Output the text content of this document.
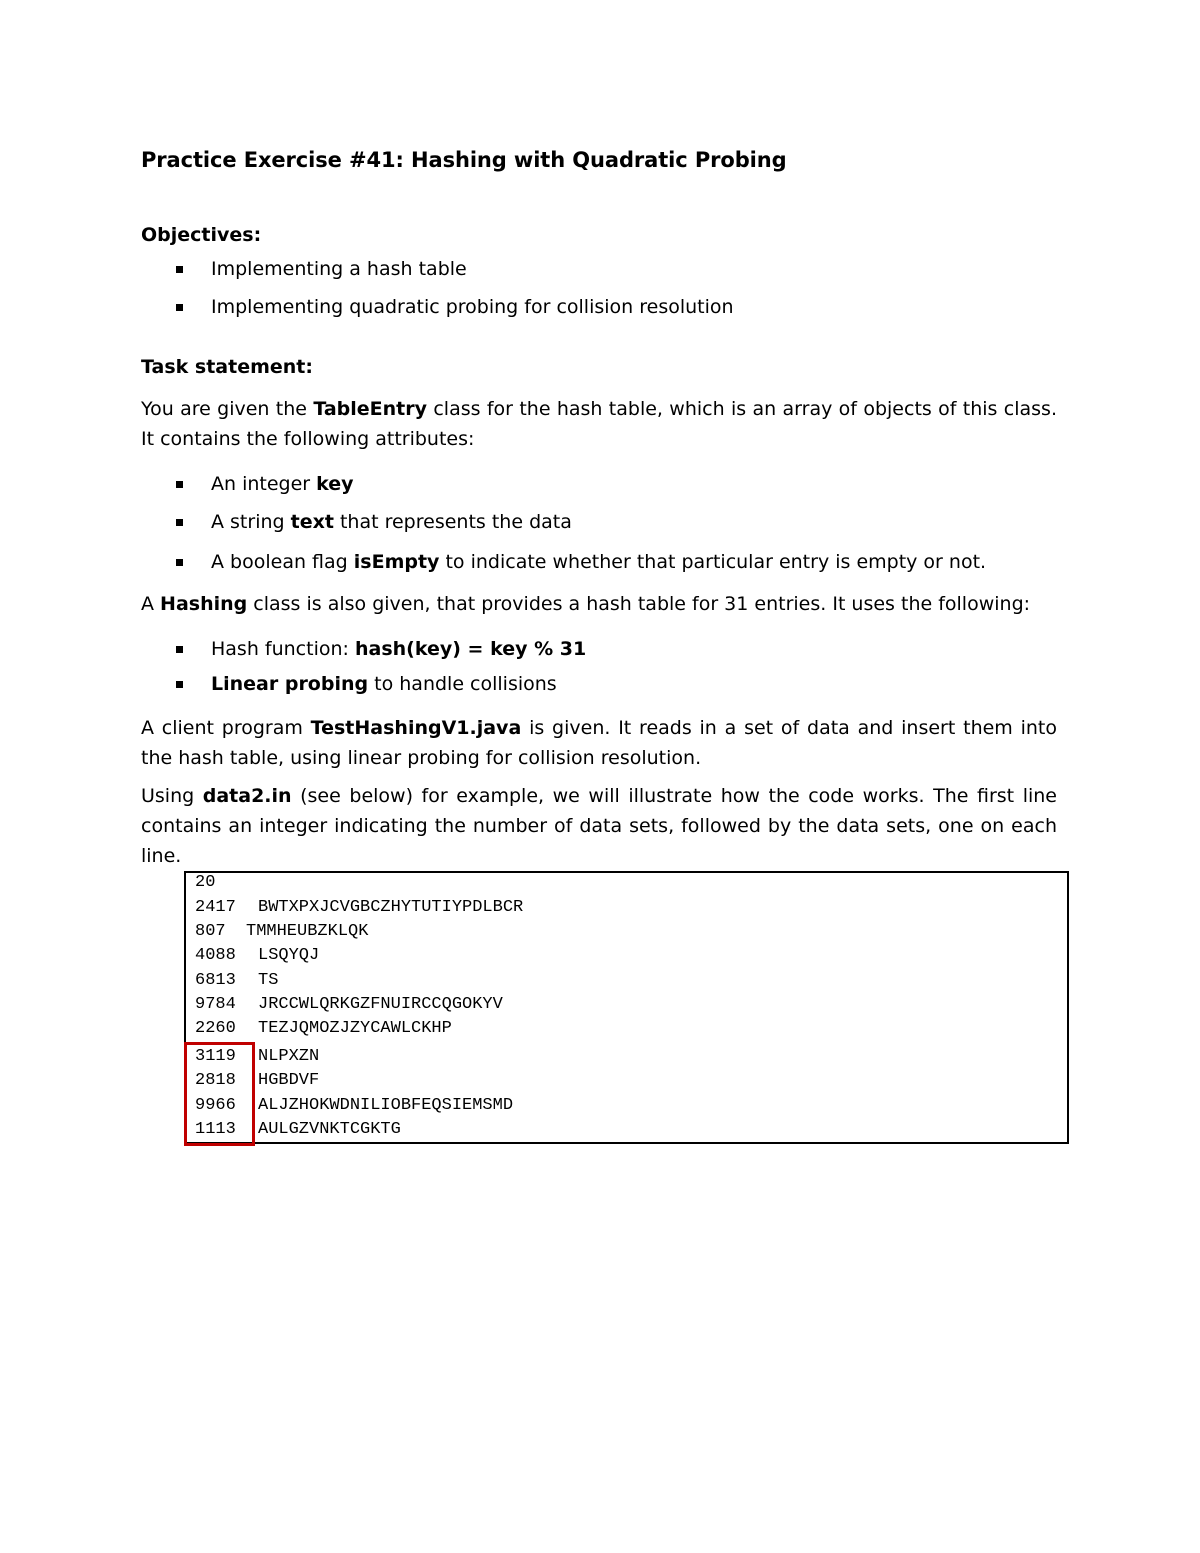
Practice Exercise #41: Hashing with Quadratic Probing
Objectives:
Implementing a hash table
Implementing quadratic probing for collision resolution
Task statement:
You are given the TableEntry class for the hash table, which is an array of objects of this class. It contains the following attributes:
An integer key
A string text that represents the data
A boolean flag isEmpty to indicate whether that particular entry is empty or not.
A Hashing class is also given, that provides a hash table for 31 entries. It uses the following:
Hash function: hash(key) = key % 31
Linear probing to handle collisions
A client program TestHashingV1.java is given. It reads in a set of data and insert them into the hash table, using linear probing for collision resolution.
Using data2.in (see below) for example, we will illustrate how the code works. The first line contains an integer indicating the number of data sets, followed by the data sets, one on each line.
20
2417 BWTXPXJCVGBCZHYTUTIYPDLBCR
807 TMMHEUBZKLQK
4088 LSQYQJ
6813 TS
9784 JRCCWLQRKGZFNUIRCCQGOKYV
2260 TEZJQMOZJZYCAWLCKHP
3119 NLPXZN
2818 HGBDVF
9966 ALJZHOKWDNILIOBFEQSIEMSMD
1113 AULGZVNKTCGKTG
